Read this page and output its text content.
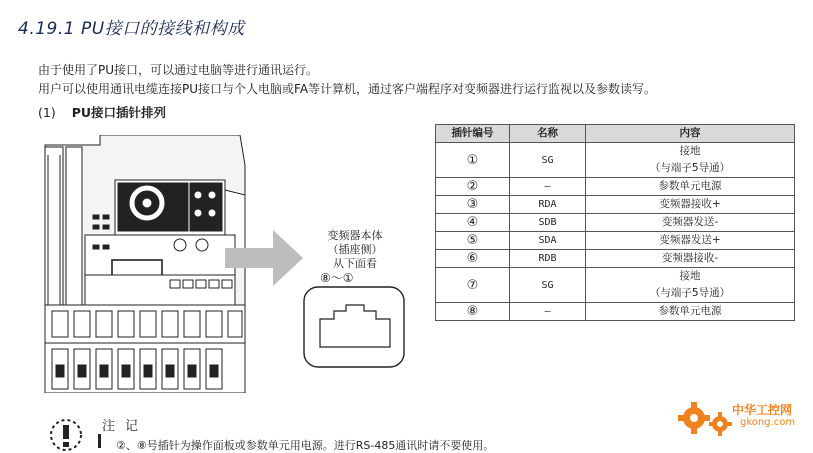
4.19.1 PU接口的接线和构成
由于使用了PU接口，可以通过电脑等进行通讯运行。
用户可以使用通讯电缆连接PU接口与个人电脑或FA等计算机，通过客户端程序对变频器进行运行监视以及参数读写。
(1) PU接口插针排列
变频器本体
（插座侧）
从下面看
⑧～①
插针编号	名称	内容
①	SG	接地
（与端子5导通）

②	—	参数单元电源
③	RDA	变频器接收+
④	SDB	变频器发送-
⑤	SDA	变频器发送+
⑥	RDB	变频器接收-
⑦	SG	接地
（与端子5导通）

⑧	—	参数单元电源
注记
②、⑧号插针为操作面板或参数单元用电源。进行RS-485通讯时请不要使用。
中华工控网
gkong.com
